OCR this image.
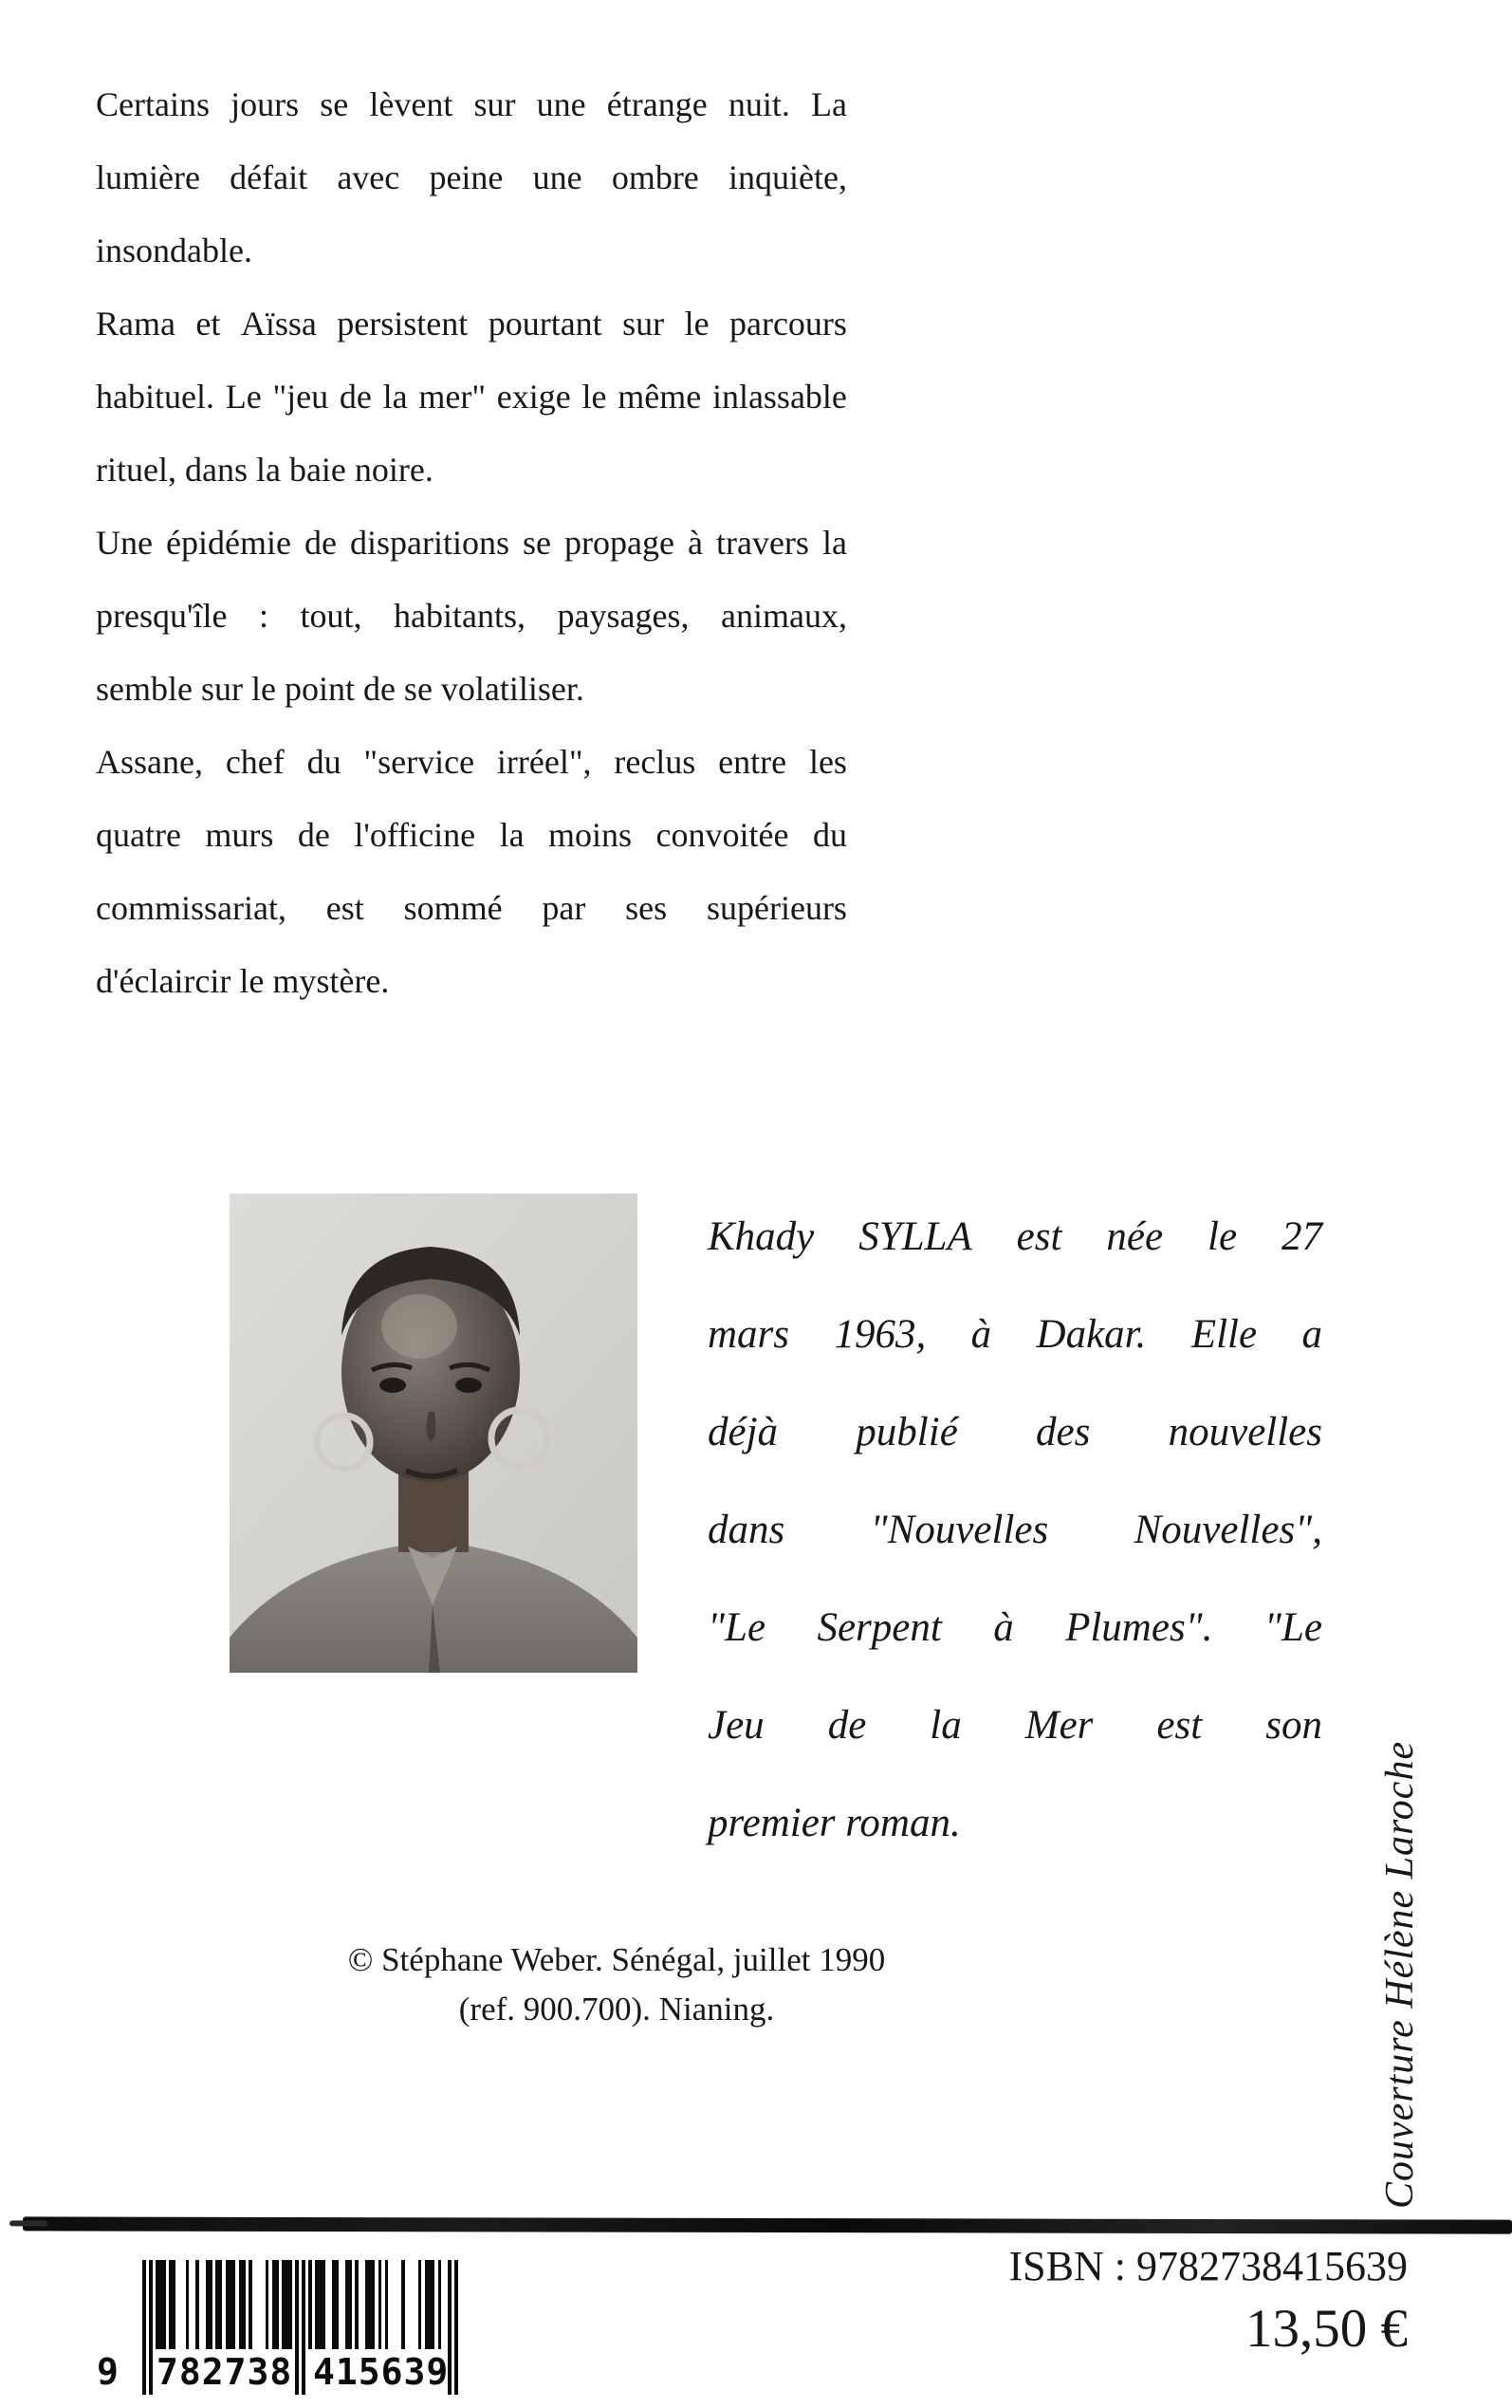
Certains jours se lèvent sur une étrange nuit. La
lumière défait avec peine une ombre inquiète,
insondable.
Rama et Aïssa persistent pourtant sur le parcours
habituel. Le "jeu de la mer" exige le même inlassable
rituel, dans la baie noire.
Une épidémie de disparitions se propage à travers la
presqu'île : tout, habitants, paysages, animaux,
semble sur le point de se volatiliser.
Assane, chef du "service irréel", reclus entre les
quatre murs de l'officine la moins convoitée du
commissariat, est sommé par ses supérieurs
d'éclaircir le mystère.
Khady SYLLA est née le 27
mars 1963, à Dakar. Elle a
déjà publié des nouvelles
dans "Nouvelles Nouvelles",
"Le Serpent à Plumes". "Le
Jeu de la Mer est son
premier roman.
© Stéphane Weber. Sénégal, juillet 1990
(ref. 900.700). Nianing.	Couverture Hélène Laroche
9 782738 415639
ISBN : 9782738415639
13,50 €
